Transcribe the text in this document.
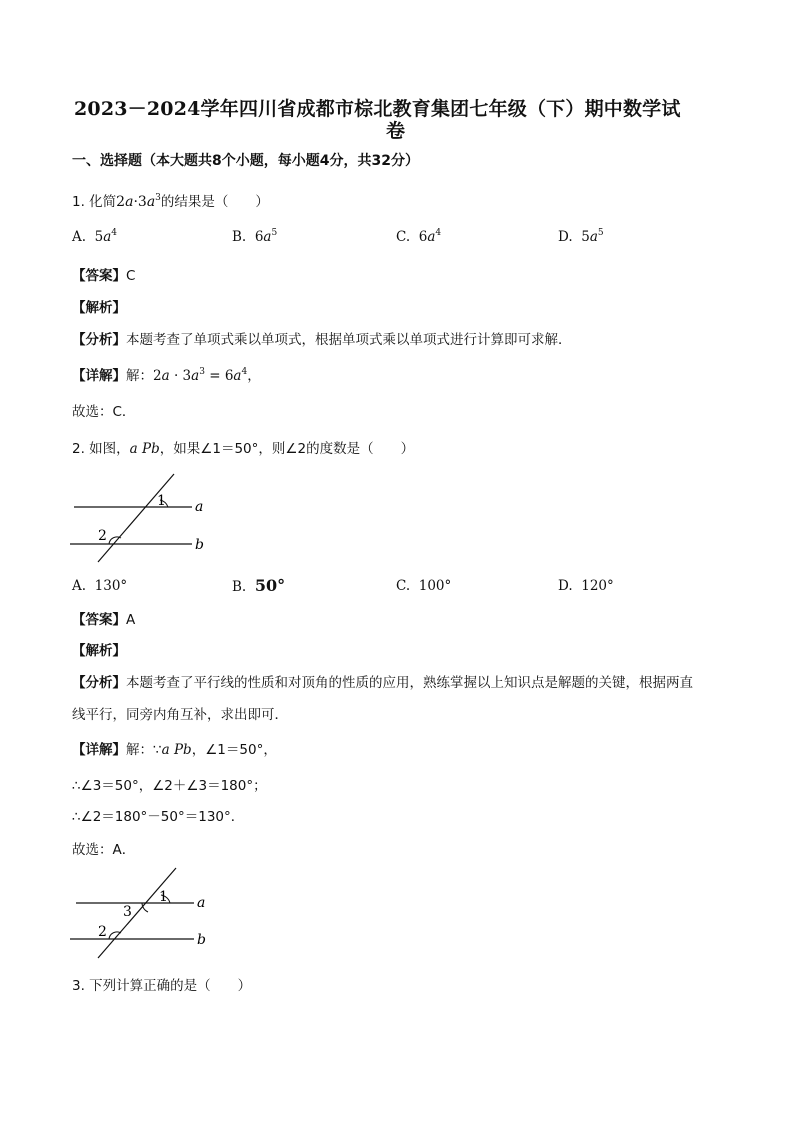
2023－2024学年四川省成都市棕北教育集团七年级（下）期中数学试
卷
一、选择题（本大题共8个小题，每小题4分，共32分）
1. 化简$2a\cdot 3a^3$的结果是（　　）
A. $5a^4$	B. $6a^5$	C. $6a^4$	D. $5a^5$
【答案】C
【解析】
【分析】本题考查了单项式乘以单项式，根据单项式乘以单项式进行计算即可求解．
【详解】解：$2a \cdot 3a^3 = 6a^4$，
故选：C．
2. 如图，a Pb，如果∠1＝50°，则∠2的度数是（　　）
1
2
a
b
A. 130°	B. 50°	C. 100°	D. 120°
【答案】A
【解析】
【分析】本题考查了平行线的性质和对顶角的性质的应用，熟练掌握以上知识点是解题的关键，根据两直
线平行，同旁内角互补，求出即可．
【详解】解：∵a Pb，∠1＝50°，
∴∠3＝50°，∠2＋∠3＝180°；
∴∠2＝180°－50°＝130°．
故选：A．
1
3
2
a
b
3. 下列计算正确的是（　　）
